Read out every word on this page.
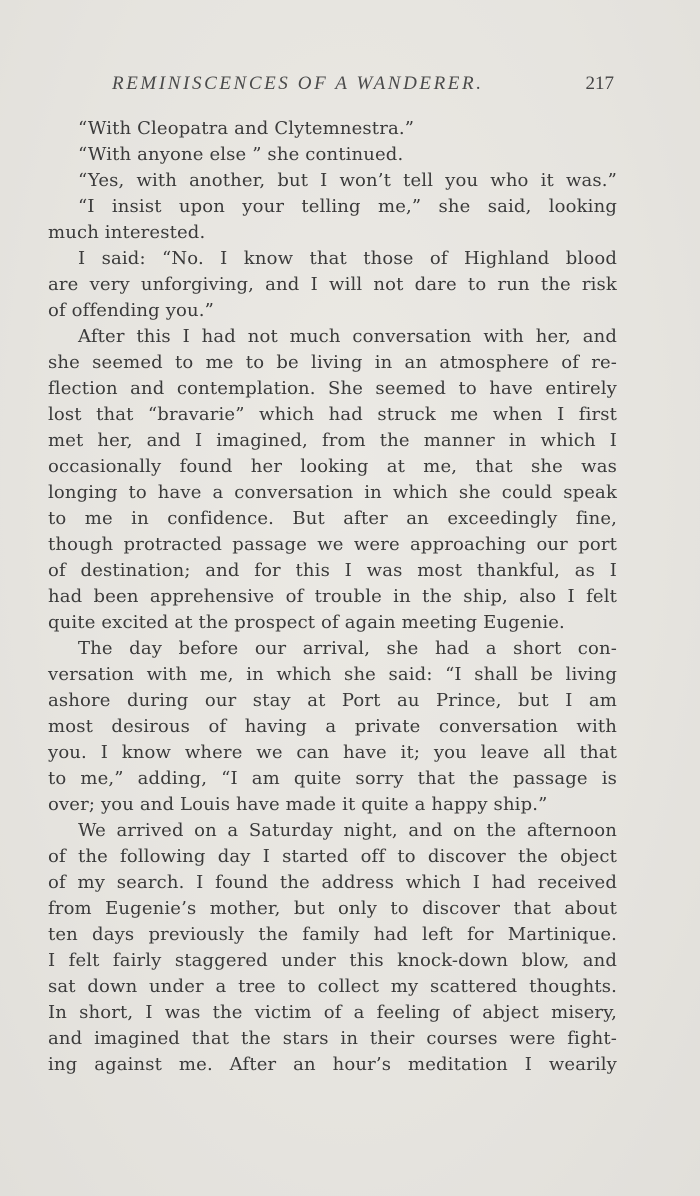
REMINISCENCES OF A WANDERER.	217
“With Cleopatra and Clytemnestra.”
“With anyone else ” she continued.
“Yes, with another, but I won’t tell you who it was.”
“I insist upon your telling me,” she said, looking
much interested.
I said: “No. I know that those of Highland blood
are very unforgiving, and I will not dare to run the risk
of offending you.”
After this I had not much conversation with her, and
she seemed to me to be living in an atmosphere of re-
flection and contemplation. She seemed to have entirely
lost that “bravarie” which had struck me when I first
met her, and I imagined, from the manner in which I
occasionally found her looking at me, that she was
longing to have a conversation in which she could speak
to me in confidence. But after an exceedingly fine,
though protracted passage we were approaching our port
of destination; and for this I was most thankful, as I
had been apprehensive of trouble in the ship, also I felt
quite excited at the prospect of again meeting Eugenie.
The day before our arrival, she had a short con-
versation with me, in which she said: “I shall be living
ashore during our stay at Port au Prince, but I am
most desirous of having a private conversation with
you. I know where we can have it; you leave all that
to me,” adding, “I am quite sorry that the passage is
over; you and Louis have made it quite a happy ship.”
We arrived on a Saturday night, and on the afternoon
of the following day I started off to discover the object
of my search. I found the address which I had received
from Eugenie’s mother, but only to discover that about
ten days previously the family had left for Martinique.
I felt fairly staggered under this knock-down blow, and
sat down under a tree to collect my scattered thoughts.
In short, I was the victim of a feeling of abject misery,
and imagined that the stars in their courses were fight-
ing against me. After an hour’s meditation I wearily
